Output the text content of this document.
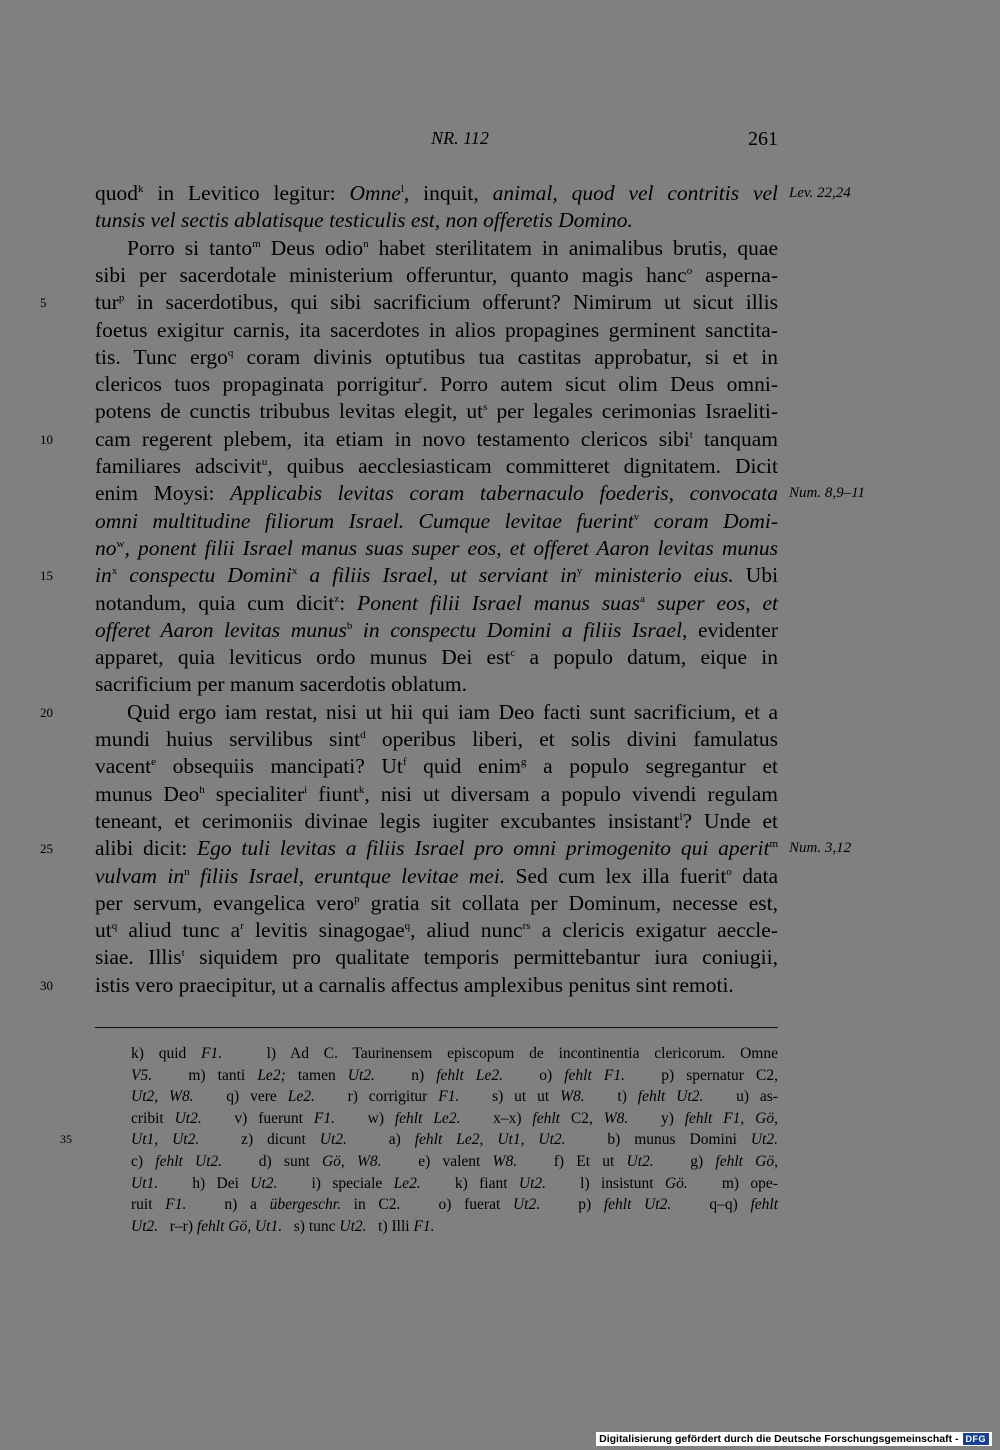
NR. 112	261
quod$^k$ in Levitico legitur: Omne$^l$, inquit, animal, quod vel contritis vel
tunsis vel sectis ablatisque testiculis est, non offeretis Domino.
Porro si tanto$^m$ Deus odio$^n$ habet sterilitatem in animalibus brutis, quae
sibi per sacerdotale ministerium offeruntur, quanto magis hanc$^o$ asperna-
tur$^p$ in sacerdotibus, qui sibi sacrificium offerunt? Nimirum ut sicut illis
5
foetus exigitur carnis, ita sacerdotes in alios propagines germinent sanctita-
tis. Tunc ergo$^q$ coram divinis optutibus tua castitas approbatur, si et in
clericos tuos propaginata porrigitur$^r$. Porro autem sicut olim Deus omni-
potens de cunctis tribubus levitas elegit, $ut^s$ per legales cerimonias Israeliti-
cam regerent plebem, ita etiam in novo testamento clericos sibi$^t$ tanquam
10
familiares adscivit$^u$, quibus aecclesiasticam committeret dignitatem. Dicit
enim Moysi: Applicabis levitas coram tabernaculo foederis, convocata
omni multitudine filiorum Israel. Cumque levitae fuerint$^v$ coram Domi-
$no^w$, ponent filii Israel manus suas super eos, et offeret Aaron levitas munus
$in^x$ conspectu Domini$^x$ a filiis Israel, ut serviant $in^y$ ministerio eius. Ubi
15
notandum, quia cum dicit$^z$: Ponent filii Israel manus suas$^a$ super eos, et
offeret Aaron levitas munus$^b$ in conspectu Domini a filiis Israel, evidenter
apparet, quia leviticus ordo munus Dei est$^c$ a populo datum, eique in
sacrificium per manum sacerdotis oblatum.
Quid ergo iam restat, nisi ut hii qui iam Deo facti sunt sacrificium, et a
20
mundi huius servilibus sint$^d$ operibus liberi, et solis divini famulatus
vacent$^e$ obsequiis mancipati? Ut$^f$ quid enim$^g$ a populo segregantur et
munus Deo$^h$ specialiter$^i$ fiunt$^k$, nisi ut diversam a populo vivendi regulam
teneant, et cerimoniis divinae legis iugiter excubantes insistant$^l$? Unde et
alibi dicit: Ego tuli levitas a filiis Israel pro omni primogenito qui aperit$^m$
25
vulvam $in^n$ filiis Israel, eruntque levitae mei. Sed cum lex illa fuerit$^o$ data
per servum, evangelica vero$^p$ gratia sit collata per Dominum, necesse est,
$ut^q$ aliud tunc $a^r$ levitis sinagogae$^q$, aliud nunc$^{rs}$ a clericis exigatur aeccle-
siae. Illis$^t$ siquidem pro qualitate temporis permittebantur iura coniugii,
istis vero praecipitur, ut a carnalis affectus amplexibus penitus sint remoti.
30
Lev. 22,24
Num. 8,9–11
Num. 3,12
k) quid F1.   l) Ad C. Taurinensem episcopum de incontinentia clericorum. Omne
V5.   m) tanti Le2; tamen Ut2.   n) fehlt Le2.   o) fehlt F1.   p) spernatur C2,
Ut2, W8.   q) vere Le2.   r) corrigitur F1.   s) ut ut W8.   t) fehlt Ut2.   u) as-
cribit Ut2.   v) fuerunt F1.   w) fehlt Le2.   x–x) fehlt C2, W8.   y) fehlt F1, Gö,
Ut1, Ut2.   z) dicunt Ut2.   a) fehlt Le2, Ut1, Ut2.   b) munus Domini Ut2.
35
c) fehlt Ut2.   d) sunt Gö, W8.   e) valent W8.   f) Et ut Ut2.   g) fehlt Gö,
Ut1.   h) Dei Ut2.   i) speciale Le2.   k) fiant Ut2.   l) insistunt Gö.   m) ope-
ruit F1.   n) a übergeschr. in C2.   o) fuerat Ut2.   p) fehlt Ut2.   q–q) fehlt
Ut2.   r–r) fehlt Gö, Ut1.   s) tunc Ut2.   t) Illi F1.
Digitalisierung gefördert durch die Deutsche Forschungsgemeinschaft - DFG
